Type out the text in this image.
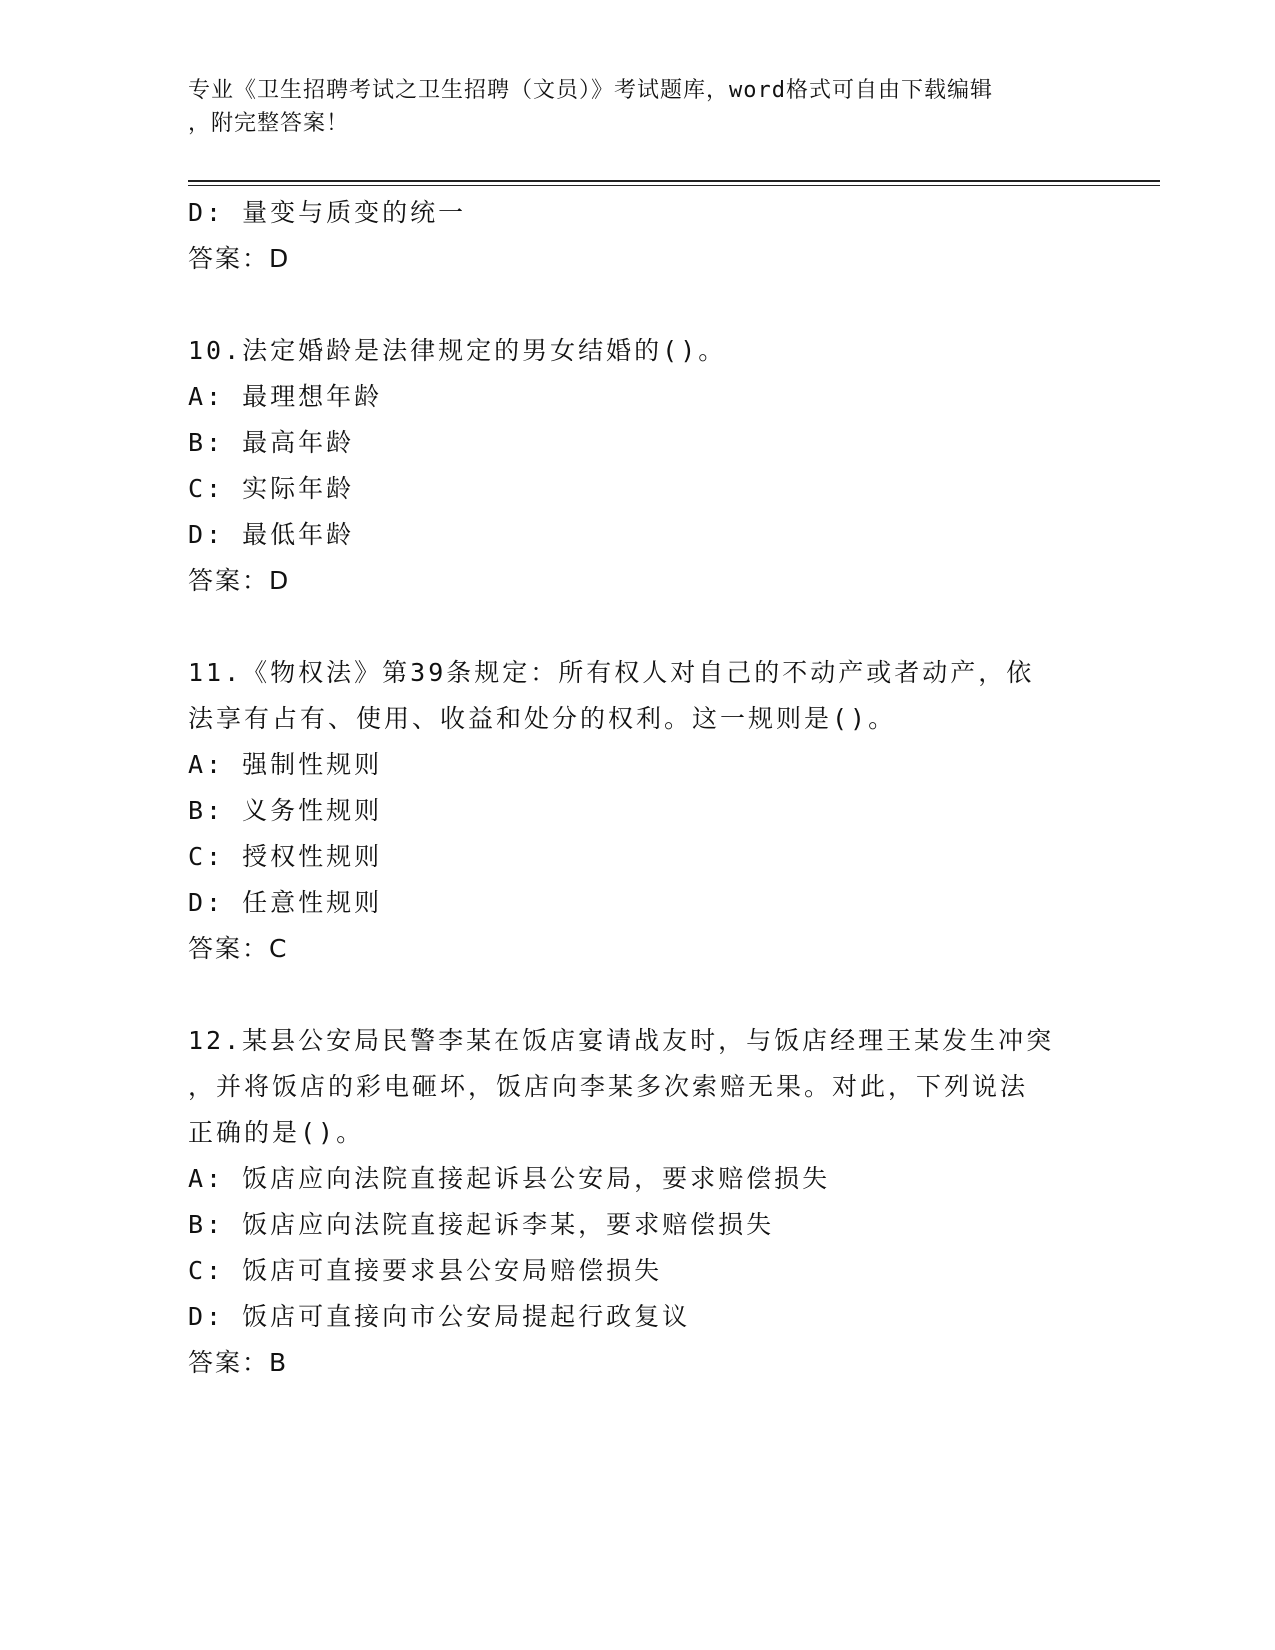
专业《卫生招聘考试之卫生招聘（文员）》考试题库，word格式可自由下载编辑
，附完整答案！
D: 量变与质变的统一
答案：D
10.法定婚龄是法律规定的男女结婚的()。
A: 最理想年龄
B: 最高年龄
C: 实际年龄
D: 最低年龄
答案：D
11.《物权法》第39条规定：所有权人对自己的不动产或者动产，依
法享有占有、使用、收益和处分的权利。这一规则是()。
A: 强制性规则
B: 义务性规则
C: 授权性规则
D: 任意性规则
答案：C
12.某县公安局民警李某在饭店宴请战友时，与饭店经理王某发生冲突
，并将饭店的彩电砸坏，饭店向李某多次索赔无果。对此，下列说法
正确的是()。
A: 饭店应向法院直接起诉县公安局，要求赔偿损失
B: 饭店应向法院直接起诉李某，要求赔偿损失
C: 饭店可直接要求县公安局赔偿损失
D: 饭店可直接向市公安局提起行政复议
答案：B
